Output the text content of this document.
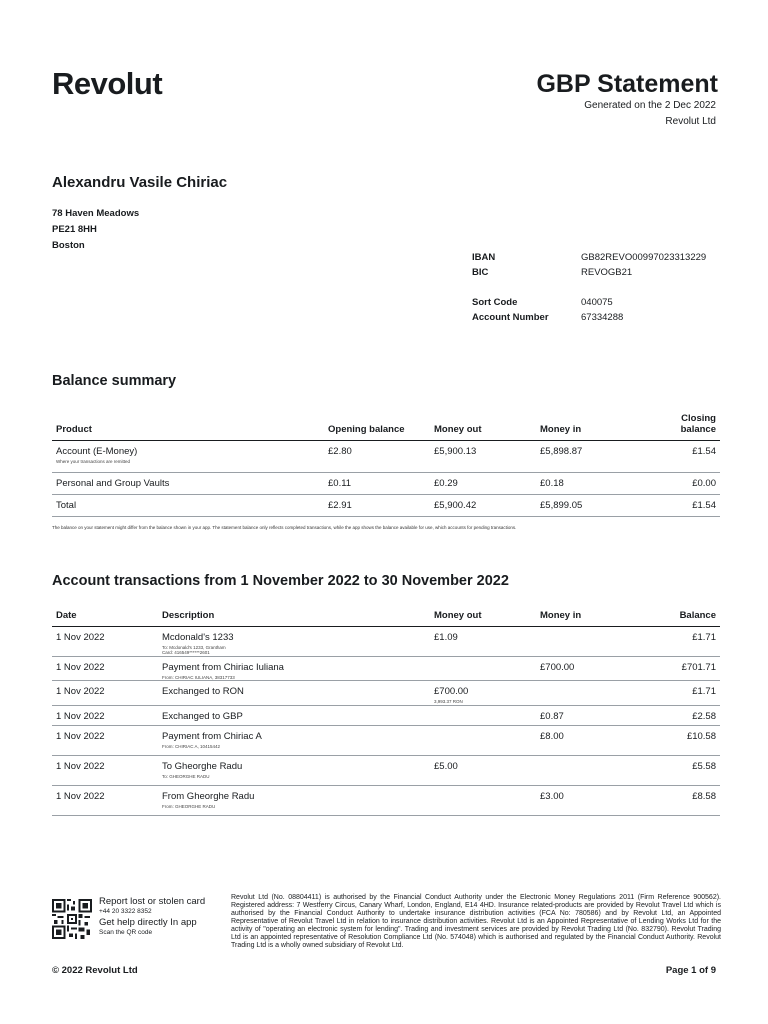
Revolut	GBP Statement
Generated on the 2 Dec 2022
Revolut Ltd
Alexandru Vasile Chiriac
78 Haven Meadows
PE21 8HH
Boston
IBAN	GB82REVO00997023313229
BIC	REVOGB21
Sort Code	040075
Account Number	67334288
Balance summary
Product	Opening balance	Money out	Money in	Closing
balance
Account (E-Money)
Where your transactions are remitted	£2.80	£5,900.13	£5,898.87	£1.54
Personal and Group Vaults	£0.11	£0.29	£0.18	£0.00
Total	£2.91	£5,900.42	£5,899.05	£1.54
The balance on your statement might differ from the balance shown in your app. The statement balance only reflects completed transactions, while the app shows the balance available for use, which accounts for pending transactions.
Account transactions from 1 November 2022 to 30 November 2022
Date	Description	Money out	Money in	Balance
1 Nov 2022	Mcdonald's 1233
To: Mcdonald's 1233, Grantham
Card: 416549******2601	£1.09		£1.71
1 Nov 2022	Payment from Chiriac Iuliana
From: CHIRIAC IULIANA, 38317733		£700.00	£701.71
1 Nov 2022	Exchanged to RON	£700.00
3,993.37 RON		£1.71
1 Nov 2022	Exchanged to GBP		£0.87	£2.58
1 Nov 2022	Payment from Chiriac A
From: CHIRIAC A, 10415442		£8.00	£10.58
1 Nov 2022	To Gheorghe Radu
To: GHEORGHE RADU	£5.00		£5.58
1 Nov 2022	From Gheorghe Radu
From: GHEORGHE RADU		£3.00	£8.58
Report lost or stolen card
+44 20 3322 8352
Get help directly In app
Scan the QR code
Revolut Ltd (No. 08804411) is authorised by the Financial Conduct Authority under the Electronic Money Regulations 2011 (Firm Reference 900562). Registered address: 7 Westferry Circus, Canary Wharf, London, England, E14 4HD. Insurance related-products are provided by Revolut Travel Ltd which is authorised by the Financial Conduct Authority to undertake insurance distribution activities (FCA No: 780586) and by Revolut Ltd, an Appointed Representative of Revolut Travel Ltd in relation to insurance distribution activities. Revolut Ltd is an Appointed Representative of Lending Works Ltd for the activity of "operating an electronic system for lending". Trading and investment services are provided by Revolut Trading Ltd (No. 832790). Revolut Trading Ltd is an appointed representative of Resolution Compliance Ltd (No. 574048) which is authorised and regulated by the Financial Conduct Authority. Revolut Trading Ltd is a wholly owned subsidiary of Revolut Ltd.
© 2022 Revolut Ltd	Page 1 of 9
